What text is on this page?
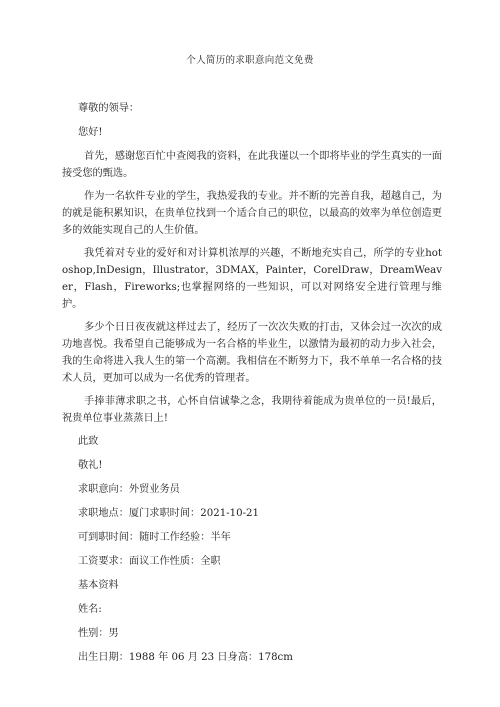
个人简历的求职意向范文免费

尊敬的领导：

您好!

首先，感谢您百忙中查阅我的资料，在此我谨以一个即将毕业的学生真实的一面接受您的甄选。

作为一名软件专业的学生，我热爱我的专业。并不断的完善自我，超越自己，为的就是能积累知识，在贵单位找到一个适合自己的职位，以最高的效率为单位创造更多的效能实现自己的人生价值。

我凭着对专业的爱好和对计算机浓厚的兴趣，不断地充实自己，所学的专业hotoshop,InDesign，Illustrator，3DMAX，Painter，CorelDraw，DreamWeaver，Flash，Fireworks;也掌握网络的一些知识，可以对网络安全进行管理与维护。

多少个日日夜夜就这样过去了，经历了一次次失败的打击，又体会过一次次的成功地喜悦。我希望自己能够成为一名合格的毕业生，以激情为最初的动力步入社会，我的生命将进入我人生的第一个高潮。我相信在不断努力下，我不单单一名合格的技术人员，更加可以成为一名优秀的管理者。

手捧菲薄求职之书，心怀自信诚挚之念，我期待着能成为贵单位的一员!最后，祝贵单位事业蒸蒸日上!

此致

敬礼!

求职意向：外贸业务员

求职地点：厦门求职时间：2021-10-21

可到职时间：随时工作经验：半年

工资要求：面议工作性质：全职

基本资料

姓名:

性别：男

出生日期：1988 年 06 月 23 日身高：178cm
